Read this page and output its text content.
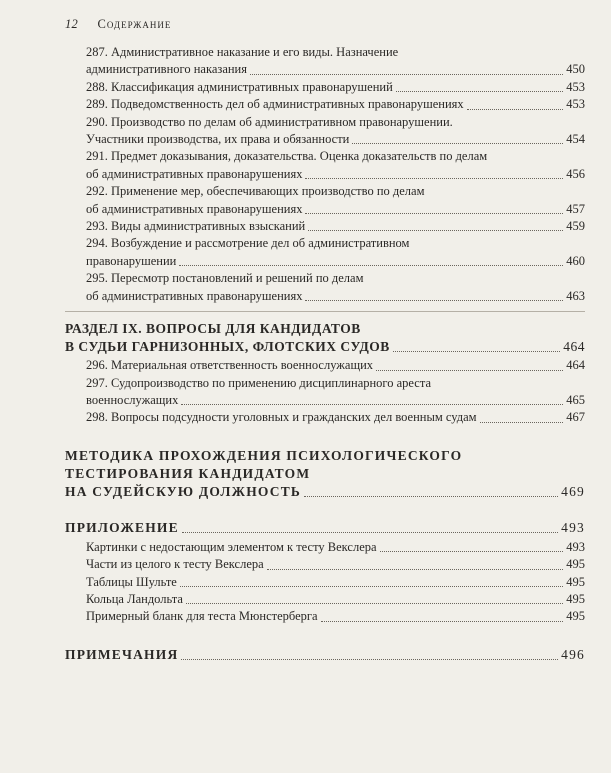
12 Содержание
287. Административное наказание и его виды. Назначение
административного наказания	450
288. Классификация административных правонарушений	453
289. Подведомственность дел об административных правонарушениях	453
290. Производство по делам об административном правонарушении.
Участники производства, их права и обязанности	454
291. Предмет доказывания, доказательства. Оценка доказательств по делам
об административных правонарушениях	456
292. Применение мер, обеспечивающих производство по делам
об административных правонарушениях	457
293. Виды административных взысканий	459
294. Возбуждение и рассмотрение дел об административном
правонарушении	460
295. Пересмотр постановлений и решений по делам
об административных правонарушениях	463
РАЗДЕЛ IX. ВОПРОСЫ ДЛЯ КАНДИДАТОВ
В СУДЬИ ГАРНИЗОННЫХ, ФЛОТСКИХ СУДОВ	464
296. Материальная ответственность военнослужащих	464
297. Судопроизводство по применению дисциплинарного ареста
военнослужащих	465
298. Вопросы подсудности уголовных и гражданских дел военным судам	467
МЕТОДИКА ПРОХОЖДЕНИЯ ПСИХОЛОГИЧЕСКОГО
ТЕСТИРОВАНИЯ КАНДИДАТОМ
НА СУДЕЙСКУЮ ДОЛЖНОСТЬ	469
ПРИЛОЖЕНИЕ	493
Картинки с недостающим элементом к тесту Векслера	493
Части из целого к тесту Векслера	495
Таблицы Шульте	495
Кольца Ландольта	495
Примерный бланк для теста Мюнстерберга	495
ПРИМЕЧАНИЯ	496
